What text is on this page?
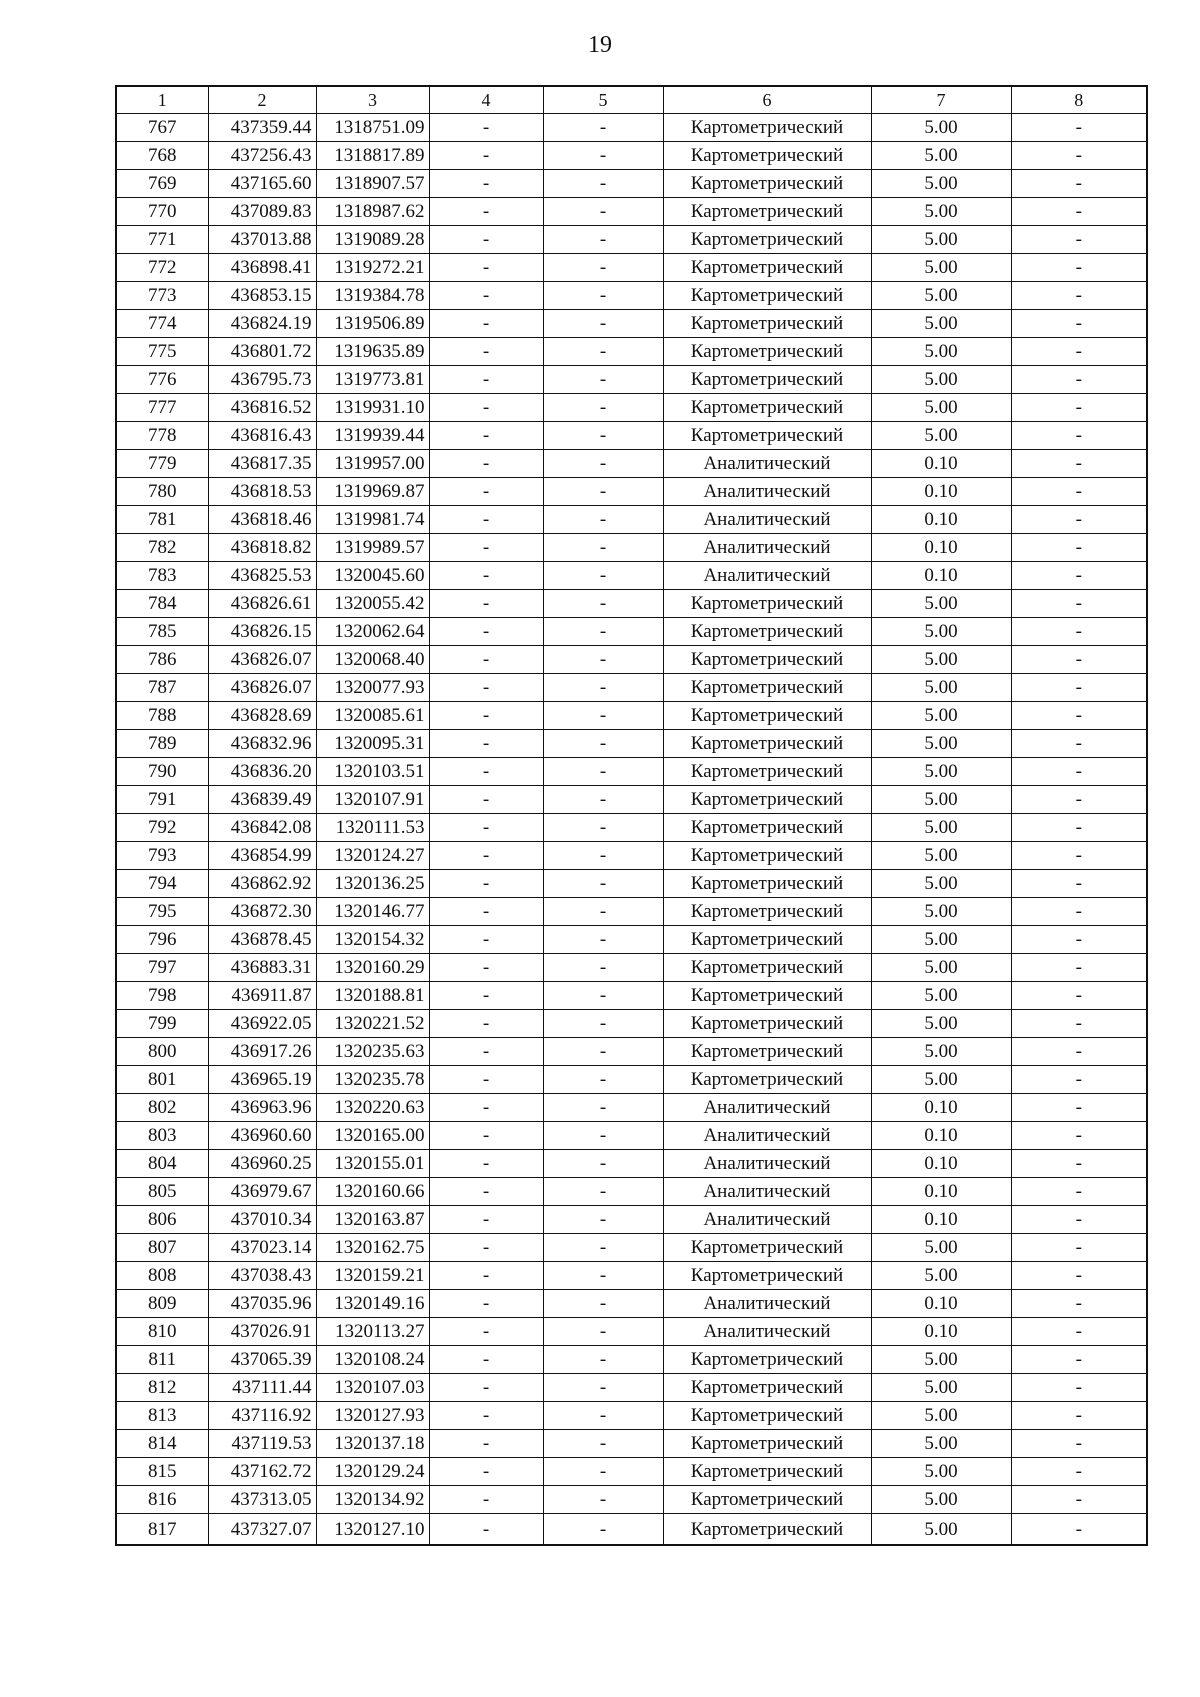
19
1	2	3	4	5	6	7	8
767	437359.44	1318751.09	-	-	Картометрический	5.00	-
768	437256.43	1318817.89	-	-	Картометрический	5.00	-
769	437165.60	1318907.57	-	-	Картометрический	5.00	-
770	437089.83	1318987.62	-	-	Картометрический	5.00	-
771	437013.88	1319089.28	-	-	Картометрический	5.00	-
772	436898.41	1319272.21	-	-	Картометрический	5.00	-
773	436853.15	1319384.78	-	-	Картометрический	5.00	-
774	436824.19	1319506.89	-	-	Картометрический	5.00	-
775	436801.72	1319635.89	-	-	Картометрический	5.00	-
776	436795.73	1319773.81	-	-	Картометрический	5.00	-
777	436816.52	1319931.10	-	-	Картометрический	5.00	-
778	436816.43	1319939.44	-	-	Картометрический	5.00	-
779	436817.35	1319957.00	-	-	Аналитический	0.10	-
780	436818.53	1319969.87	-	-	Аналитический	0.10	-
781	436818.46	1319981.74	-	-	Аналитический	0.10	-
782	436818.82	1319989.57	-	-	Аналитический	0.10	-
783	436825.53	1320045.60	-	-	Аналитический	0.10	-
784	436826.61	1320055.42	-	-	Картометрический	5.00	-
785	436826.15	1320062.64	-	-	Картометрический	5.00	-
786	436826.07	1320068.40	-	-	Картометрический	5.00	-
787	436826.07	1320077.93	-	-	Картометрический	5.00	-
788	436828.69	1320085.61	-	-	Картометрический	5.00	-
789	436832.96	1320095.31	-	-	Картометрический	5.00	-
790	436836.20	1320103.51	-	-	Картометрический	5.00	-
791	436839.49	1320107.91	-	-	Картометрический	5.00	-
792	436842.08	1320111.53	-	-	Картометрический	5.00	-
793	436854.99	1320124.27	-	-	Картометрический	5.00	-
794	436862.92	1320136.25	-	-	Картометрический	5.00	-
795	436872.30	1320146.77	-	-	Картометрический	5.00	-
796	436878.45	1320154.32	-	-	Картометрический	5.00	-
797	436883.31	1320160.29	-	-	Картометрический	5.00	-
798	436911.87	1320188.81	-	-	Картометрический	5.00	-
799	436922.05	1320221.52	-	-	Картометрический	5.00	-
800	436917.26	1320235.63	-	-	Картометрический	5.00	-
801	436965.19	1320235.78	-	-	Картометрический	5.00	-
802	436963.96	1320220.63	-	-	Аналитический	0.10	-
803	436960.60	1320165.00	-	-	Аналитический	0.10	-
804	436960.25	1320155.01	-	-	Аналитический	0.10	-
805	436979.67	1320160.66	-	-	Аналитический	0.10	-
806	437010.34	1320163.87	-	-	Аналитический	0.10	-
807	437023.14	1320162.75	-	-	Картометрический	5.00	-
808	437038.43	1320159.21	-	-	Картометрический	5.00	-
809	437035.96	1320149.16	-	-	Аналитический	0.10	-
810	437026.91	1320113.27	-	-	Аналитический	0.10	-
811	437065.39	1320108.24	-	-	Картометрический	5.00	-
812	437111.44	1320107.03	-	-	Картометрический	5.00	-
813	437116.92	1320127.93	-	-	Картометрический	5.00	-
814	437119.53	1320137.18	-	-	Картометрический	5.00	-
815	437162.72	1320129.24	-	-	Картометрический	5.00	-
816	437313.05	1320134.92	-	-	Картометрический	5.00	-
817	437327.07	1320127.10	-	-	Картометрический	5.00	-
